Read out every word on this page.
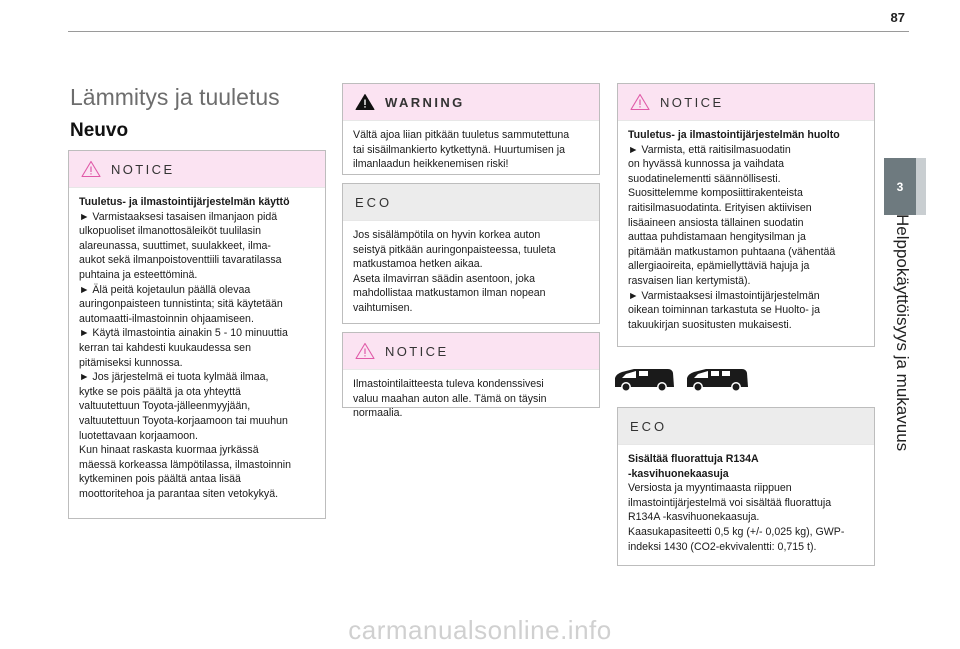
87
3
Helppokäyttöisyys ja mukavuus
Lämmitys ja tuuletus
Neuvo
NOTICE

Tuuletus- ja ilmastointijärjestelmän käyttö

► Varmistaaksesi tasaisen ilmanjaon pidä

ulkopuoliset ilmanottosäleiköt tuulilasin

alareunassa, suuttimet, suulakkeet, ilma-

aukot sekä ilmanpoistoventtiili tavaratilassa

puhtaina ja esteettöminä.

► Älä peitä kojetaulun päällä olevaa

auringonpaisteen tunnistinta; sitä käytetään

automaatti-ilmastoinnin ohjaamiseen.

► Käytä ilmastointia ainakin 5 - 10 minuuttia

kerran tai kahdesti kuukaudessa sen

pitämiseksi kunnossa.

► Jos järjestelmä ei tuota kylmää ilmaa,

kytke se pois päältä ja ota yhteyttä

valtuutettuun Toyota-jälleenmyyjään,

valtuutettuun Toyota-korjaamoon tai muuhun

luotettavaan korjaamoon.

Kun hinaat raskasta kuormaa jyrkässä

mäessä korkeassa lämpötilassa, ilmastoinnin

kytkeminen pois päältä antaa lisää

moottoritehoa ja parantaa siten vetokykyä.

WARNING

Vältä ajoa liian pitkään tuuletus sammutettuna

tai sisäilmankierto kytkettynä. Huurtumisen ja

ilmanlaadun heikkenemisen riski!

ECO

Jos sisälämpötila on hyvin korkea auton

seistyä pitkään auringonpaisteessa, tuuleta

matkustamoa hetken aikaa.

Aseta ilmavirran säädin asentoon, joka

mahdollistaa matkustamon ilman nopean

vaihtumisen.

NOTICE

Ilmastointilaitteesta tuleva kondenssivesi

valuu maahan auton alle. Tämä on täysin

normaalia.

NOTICE

Tuuletus- ja ilmastointijärjestelmän huolto

► Varmista, että raitisilmasuodatin

on hyvässä kunnossa ja vaihdata

suodatinelementti säännöllisesti.

Suosittelemme komposiittirakenteista

raitisilmasuodatinta. Erityisen aktiivisen

lisäaineen ansiosta tällainen suodatin

auttaa puhdistamaan hengitysilman ja

pitämään matkustamon puhtaana (vähentää

allergiaoireita, epämiellyttäviä hajuja ja

rasvaisen lian kertymistä).

► Varmistaaksesi ilmastointijärjestelmän

oikean toiminnan tarkastuta se Huolto- ja

takuukirjan suositusten mukaisesti.

ECO

Sisältää fluorattuja R134A

-kasvihuonekaasuja

Versiosta ja myyntimaasta riippuen

ilmastointijärjestelmä voi sisältää fluorattuja

R134A -kasvihuonekaasuja.

Kaasukapasiteetti 0,5 kg (+/- 0,025 kg), GWP-

indeksi 1430 (CO2-ekvivalentti: 0,715 t).

carmanualsonline.info
